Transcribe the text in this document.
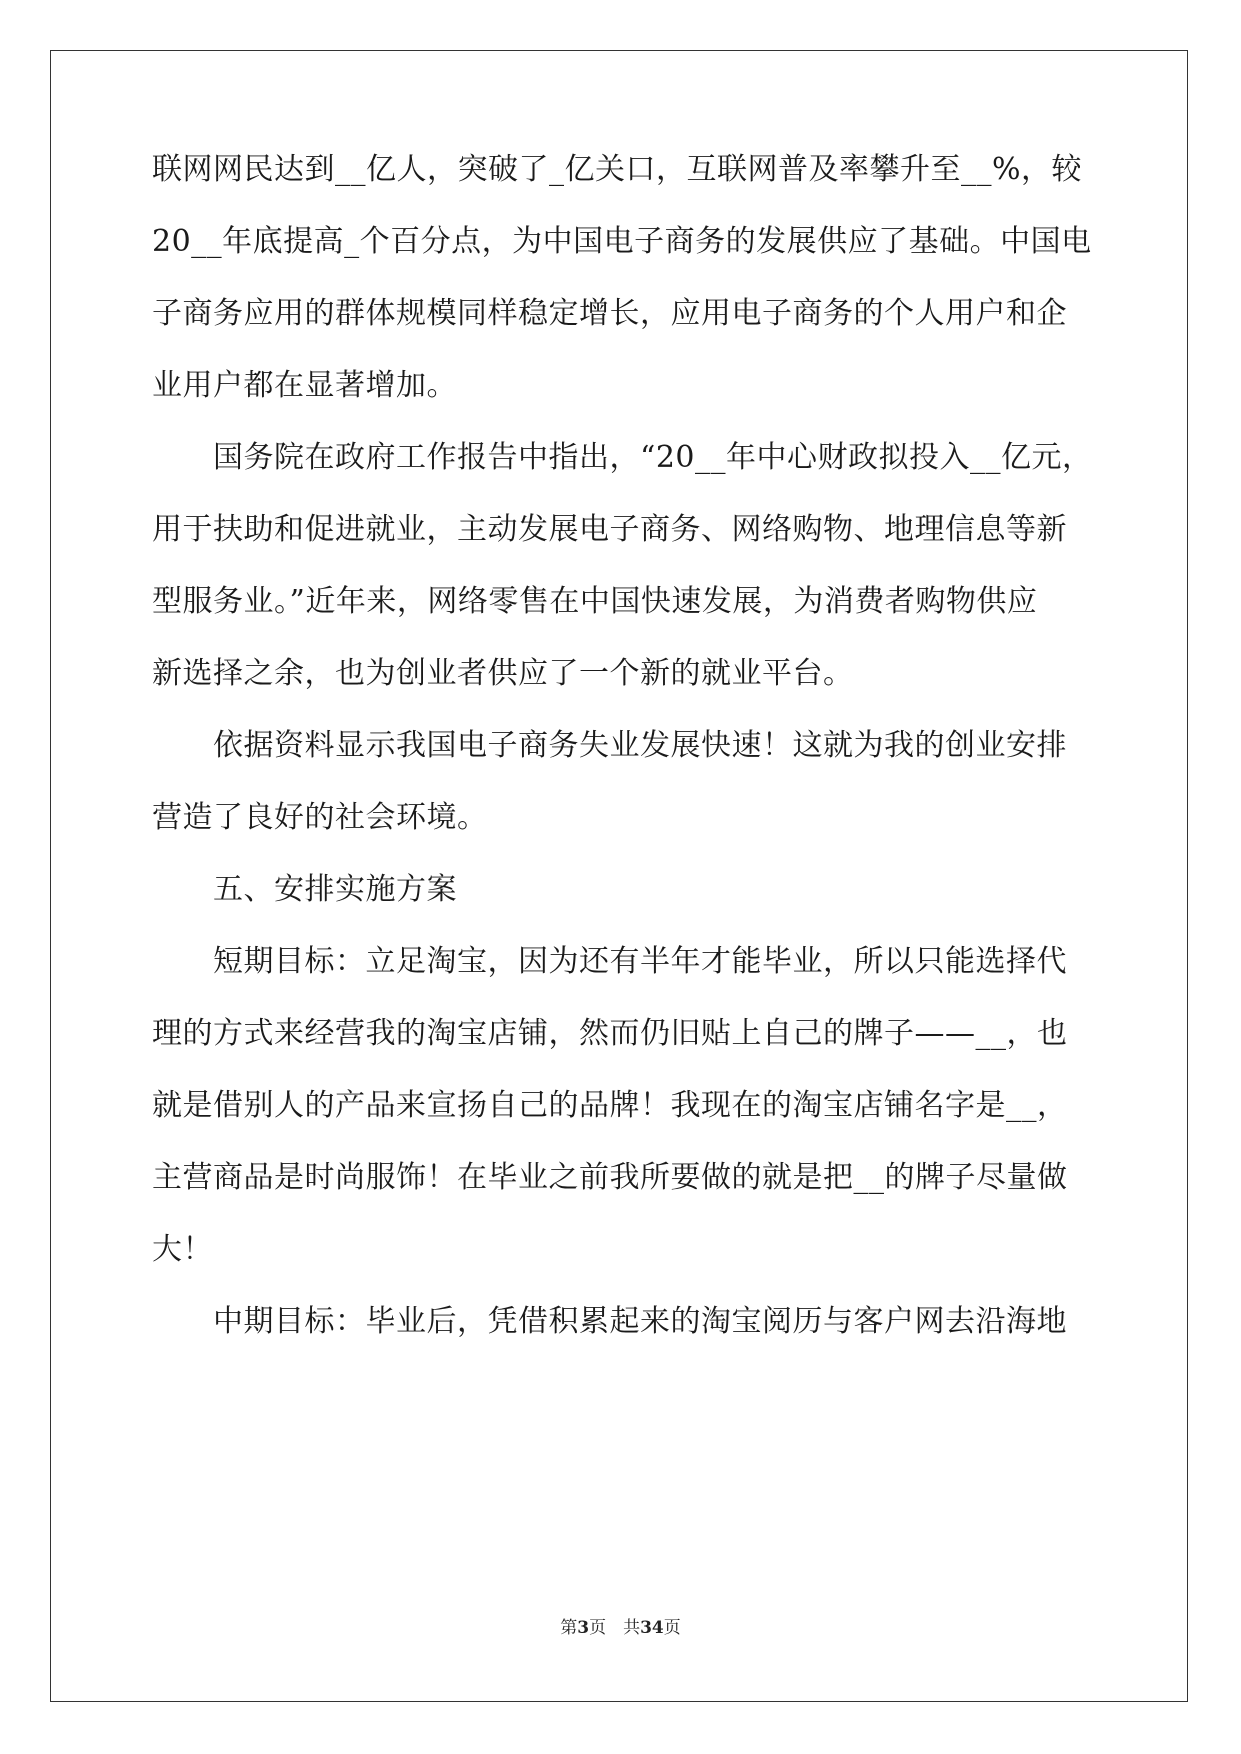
联网网民达到__亿人，突破了_亿关口，互联网普及率攀升至__%，较
20__年底提高_个百分点，为中国电子商务的发展供应了基础。中国电
子商务应用的群体规模同样稳定增长，应用电子商务的个人用户和企
业用户都在显著增加。
　　国务院在政府工作报告中指出，“20__年中心财政拟投入__亿元，
用于扶助和促进就业，主动发展电子商务、网络购物、地理信息等新
型服务业。”近年来，网络零售在中国快速发展，为消费者购物供应
新选择之余，也为创业者供应了一个新的就业平台。
　　依据资料显示我国电子商务失业发展快速！这就为我的创业安排
营造了良好的社会环境。
　　五、安排实施方案
　　短期目标：立足淘宝，因为还有半年才能毕业，所以只能选择代
理的方式来经营我的淘宝店铺，然而仍旧贴上自己的牌子——__，也
就是借别人的产品来宣扬自己的品牌！我现在的淘宝店铺名字是__，
主营商品是时尚服饰！在毕业之前我所要做的就是把__的牌子尽量做
大！
　　中期目标：毕业后，凭借积累起来的淘宝阅历与客户网去沿海地
第3页　共34页
